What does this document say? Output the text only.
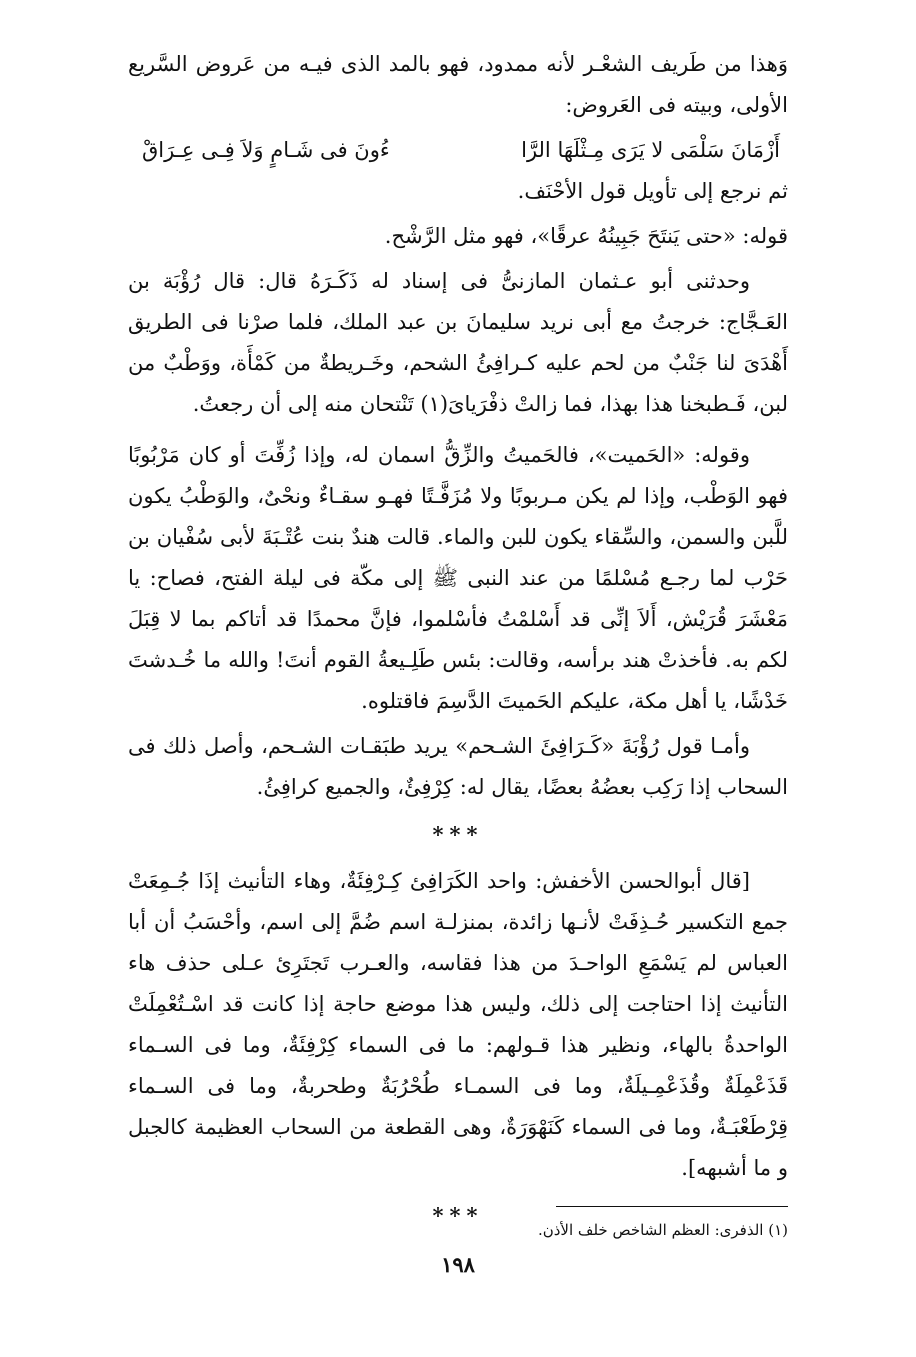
وَهذا من طَريف الشعْـر لأنه ممدود، فهو بالمد الذى فيـه من عَروض السَّريع الأولى، وبيته فى العَروض:

أَزْمَانَ سَلْمَى لا يَرَى مِـثْلَهَا الرَّا
ءُونَ فى شَـامٍ وَلاَ فِـى عِـرَاقْ

ثم نرجع إلى تأويل قول الأحْنَف.

قوله: «حتى يَنتَحَ جَبِينُهُ عرقًا»، فهو مثل الرَّشْح.

وحدثنى أبو عـثمان المازنىُّ فى إسناد له ذَكَـرَهُ قال: قال رُؤْبَة بن العَـجَّاج: خرجتُ مع أبى نريد سليمانَ بن عبد الملك، فلما صرْنا فى الطريق أَهْدَىَ لنا جَنْبٌ من لحم عليه كـرافِئُ الشحم، وخَـريطةٌ من كَمْأَة، ووَطْبٌ من لبن، فَـطبخنا هذا بهذا، فما زالتْ ذفْرَياىَ(١) تَنْتحان منه إلى أن رجعتُ.

وقوله: «الحَميت»، فالحَميتُ والزِّقُّ اسمان له، وإذا زُفِّتَ أو كان مَرْبُوبًا فهو الوَطْب، وإذا لم يكن مـربوبًا ولا مُزَفَّـتًا فهـو سقـاءٌ ونحْىٌ، والوَطْبُ يكون للَّبن والسمن، والسِّقاء يكون للبن والماء. قالت هندٌ بنت عُتْـبَةَ لأبى سُفْيان بن حَرْب لما رجـع مُسْلمًا من عند النبى ﷺ إلى مكّة فى ليلة الفتح، فصاح: يا مَعْشَرَ قُرَيْش، أَلاَ إنِّى قد أَسْلمْتُ فأسْلموا، فإنَّ محمدًا قد أتاكم بما لا قِبَلَ لكم به. فأخذتْ هند برأسه، وقالت: بئس طَلِـيعةُ القوم أنتَ! والله ما خُـدشتَ خَدْشًا، يا أهل مكة، عليكم الحَميتَ الدَّسِمَ فاقتلوه.

وأمـا قول رُؤْبَةَ «كَـرَافِئَ الشـحم» يريد طبَقـات الشـحم، وأصل ذلك فى السحاب إذا رَكِب بعضُهُ بعضًا، يقال له: كِرْفِئٌ، والجميع كرافِئُ.

***

[قال أبوالحسن الأخفش: واحد الكَرَافِئ كِـرْفِئَةٌ، وهاء التأنيث إذَا جُـمِعَتْ جمع التكسير حُـذِفَتْ لأنـها زائدة، بمنزلـة اسم ضُمَّ إلى اسم، وأحْسَبُ أن أبا العباس لم يَسْمَعِ الواحـدَ من هذا فقاسه، والعـرب تَجتَرِئ عـلى حذف هاء التأنيث إذا احتاجت إلى ذلك، وليس هذا موضع حاجة إذا كانت قد اسْـتُعْمِلَتْ الواحدةُ بالهاء، ونظير هذا قـولهم: ما فى السماء كِرْفِئَةٌ، وما فى السـماء قَذَعْمِلَةٌ وقُذَعْمِـيلَةٌ، وما فى السمـاء طُحْرُبَةٌ وطحربةٌ، وما فى السـماء قِرْطَعْبَـةٌ، وما فى السماء كَنَهْوَرَةٌ، وهى القطعة من السحاب العظيمة كالجبل و ما أشبهه].

***
(١) الذفرى: العظم الشاخص خلف الأذن.
١٩٨
